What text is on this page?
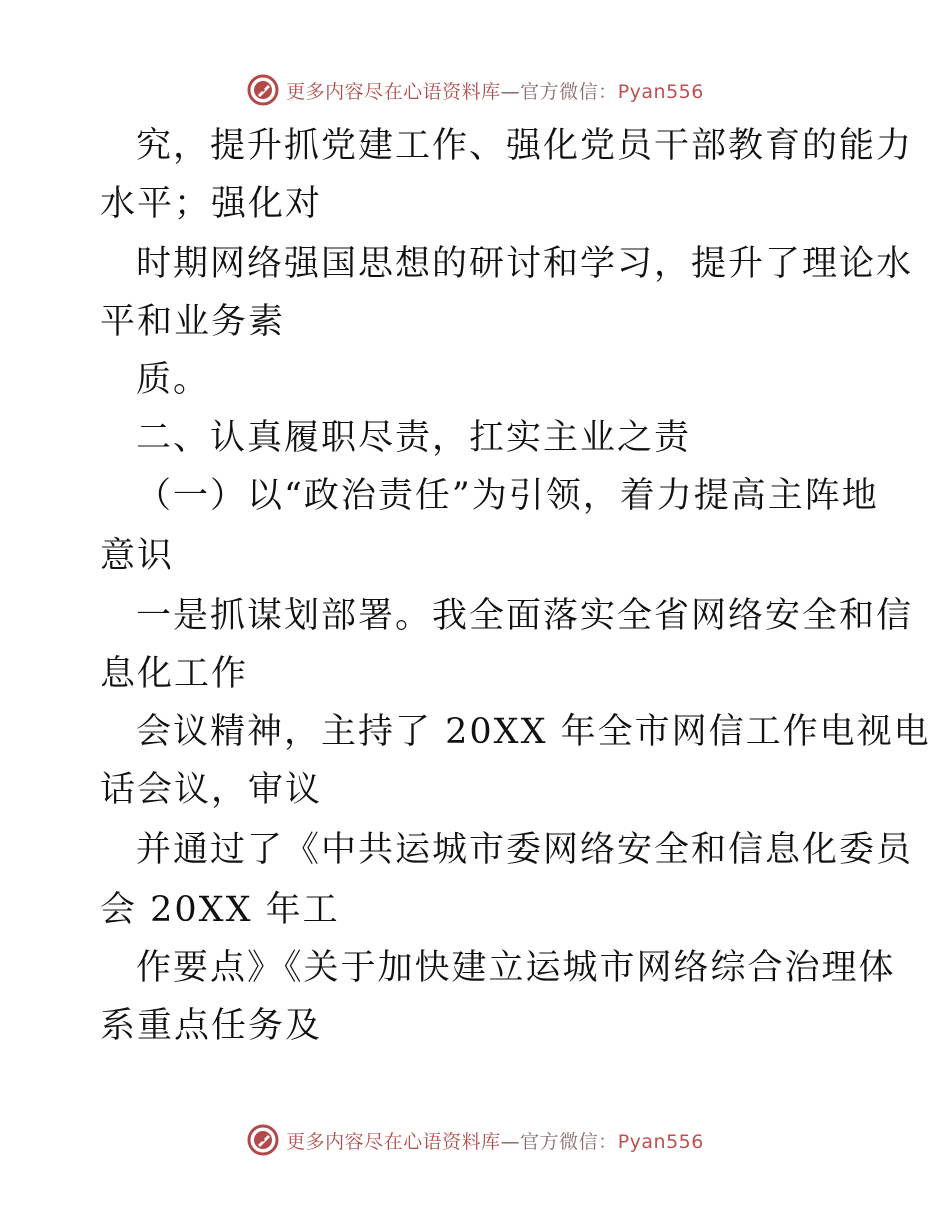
更多内容尽在心语资料库—官方微信：Pyan556
究，提升抓党建工作、强化党员干部教育的能力
水平；强化对
时期网络强国思想的研讨和学习，提升了理论水
平和业务素
质。
二、认真履职尽责，扛实主业之责
（一）以“政治责任”为引领，着力提高主阵地
意识
一是抓谋划部署。我全面落实全省网络安全和信
息化工作
会议精神，主持了 20XX 年全市网信工作电视电
话会议，审议
并通过了《中共运城市委网络安全和信息化委员
会 20XX 年工
作要点》《关于加快建立运城市网络综合治理体
系重点任务及
更多内容尽在心语资料库—官方微信：Pyan556
